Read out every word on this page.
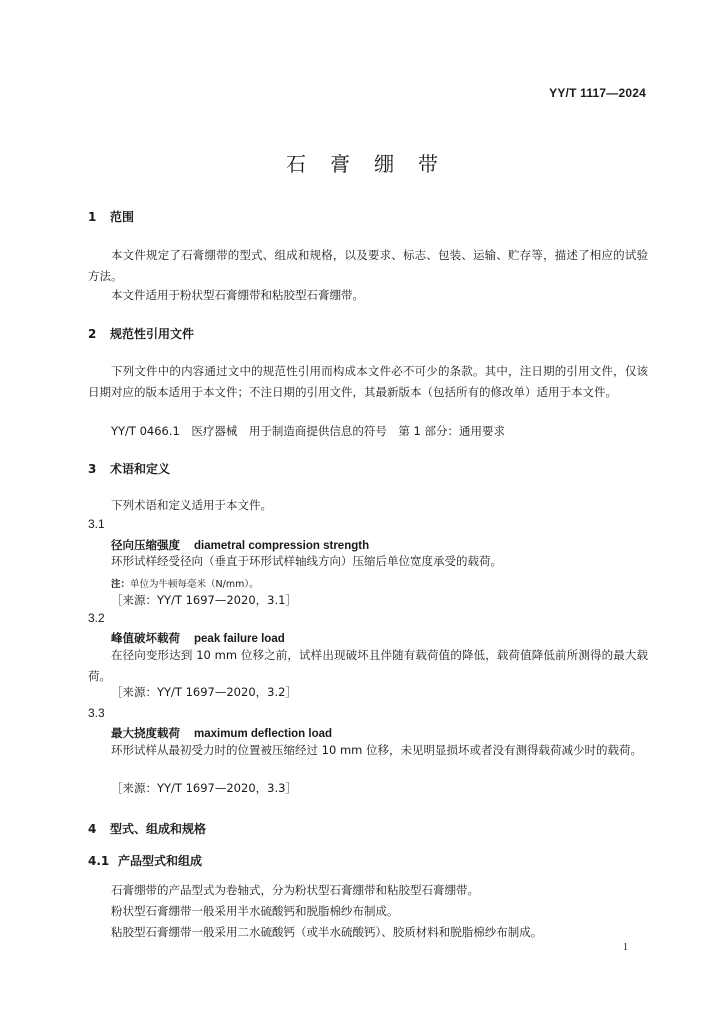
YY/T 1117—2024
石膏绷带
1 范围
本文件规定了石膏绷带的型式、组成和规格，以及要求、标志、包装、运输、贮存等，描述了相应的试验方法。
本文件适用于粉状型石膏绷带和粘胶型石膏绷带。
2 规范性引用文件
下列文件中的内容通过文中的规范性引用而构成本文件必不可少的条款。其中，注日期的引用文件，仅该日期对应的版本适用于本文件；不注日期的引用文件，其最新版本（包括所有的修改单）适用于本文件。
YY/T 0466.1　医疗器械　用于制造商提供信息的符号　第 1 部分：通用要求
3 术语和定义
下列术语和定义适用于本文件。
3.1
径向压缩强度 diametral compression strength
环形试样经受径向（垂直于环形试样轴线方向）压缩后单位宽度承受的载荷。
注：单位为牛顿每毫米（N/mm）。
［来源：YY/T 1697—2020，3.1］
3.2
峰值破坏载荷 peak failure load
在径向变形达到 10 mm 位移之前，试样出现破坏且伴随有载荷值的降低，载荷值降低前所测得的最大载荷。
［来源：YY/T 1697—2020，3.2］
3.3
最大挠度载荷 maximum deflection load
环形试样从最初受力时的位置被压缩经过 10 mm 位移，未见明显损坏或者没有测得载荷减少时的载荷。
［来源：YY/T 1697—2020，3.3］
4 型式、组成和规格
4.1 产品型式和组成
石膏绷带的产品型式为卷轴式，分为粉状型石膏绷带和粘胶型石膏绷带。
粉状型石膏绷带一般采用半水硫酸钙和脱脂棉纱布制成。
粘胶型石膏绷带一般采用二水硫酸钙（或半水硫酸钙）、胶质材料和脱脂棉纱布制成。
1
